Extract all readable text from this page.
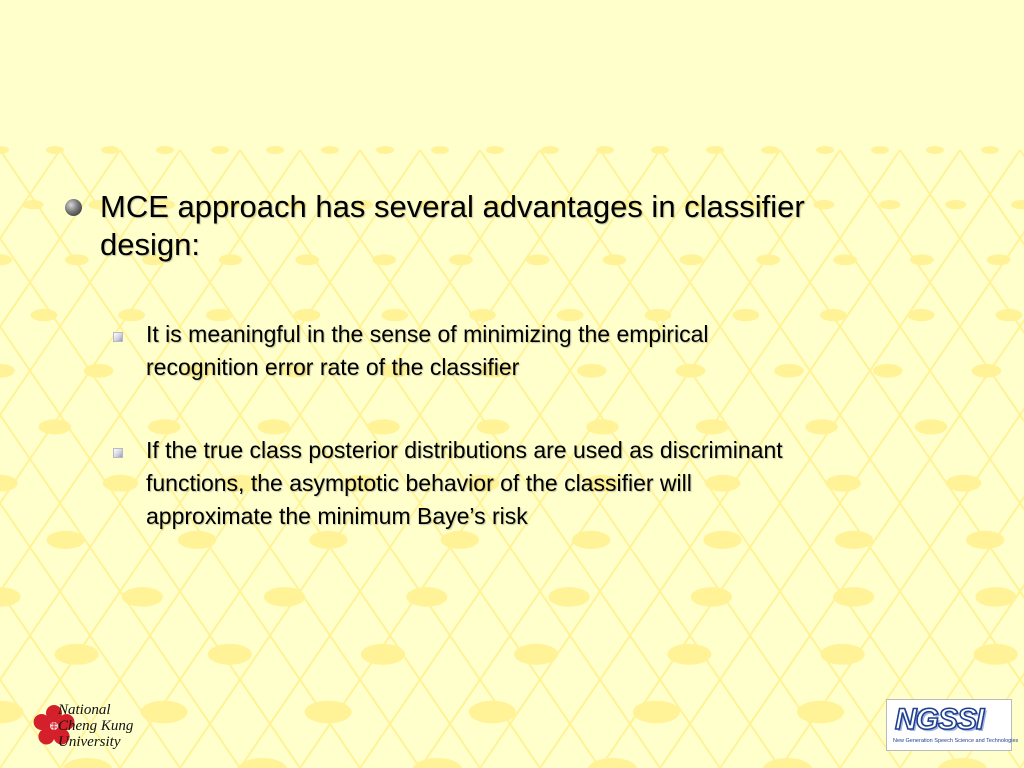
MCE approach has several advantages in classifier
design:
It is meaningful in the sense of minimizing the empirical
recognition error rate of the classifier
If the true class posterior distributions are used as discriminant
functions, the asymptotic behavior of the classifier will
approximate the minimum Baye’s risk
National
Cheng Kung
University
NGSSI
New Generation Speech Science and Technologies
